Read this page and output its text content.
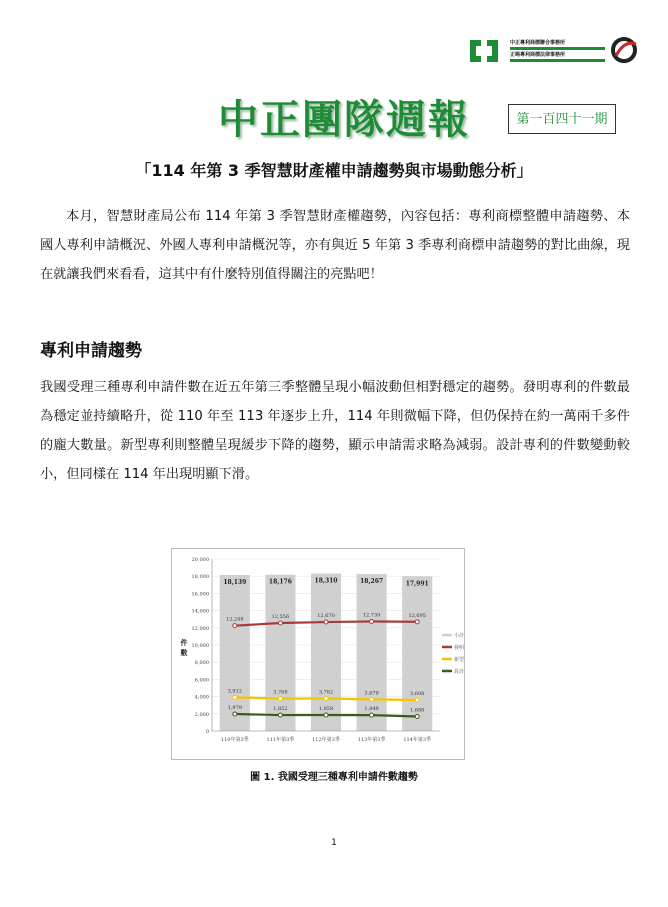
中正專利商標聯合事務所
正暘專利商標法律事務所
中正團隊週報	第一百四十一期
「114 年第 3 季智慧財產權申請趨勢與市場動態分析」

本月，智慧財產局公布 114 年第 3 季智慧財產權趨勢，內容包括：專利商標整體申請趨勢、本國人專利申請概況、外國人專利申請概況等，亦有與近 5 年第 3 季專利商標申請趨勢的對比曲線，現在就讓我們來看看，這其中有什麼特別值得關注的亮點吧！

專利申請趨勢

我國受理三種專利申請件數在近五年第三季整體呈現小幅波動但相對穩定的趨勢。發明專利的件數最為穩定並持續略升，從 110 年至 113 年逐步上升，114 年則微幅下降，但仍保持在約一萬兩千多件的龐大數量。新型專利則整體呈現緩步下降的趨勢，顯示申請需求略為減弱。設計專利的件數變動較小，但同樣在 114 年出現明顯下滑。

18,139	18,176	18,310	18,267	17,991
12,248	12,556	12,670	12,739	12,695
3,912	3,768	3,782	3,679	3,608
1,979	1,852	1,858	1,849	1,688
0
2,000
4,000
6,000
8,000
10,000
12,000
14,000
16,000
18,000
20,000
件
數
110年第3季	111年第3季	112年第3季	113年第3季	114年第3季
小計
發明
新型
設計
圖 1. 我國受理三種專利申請件數趨勢
1
